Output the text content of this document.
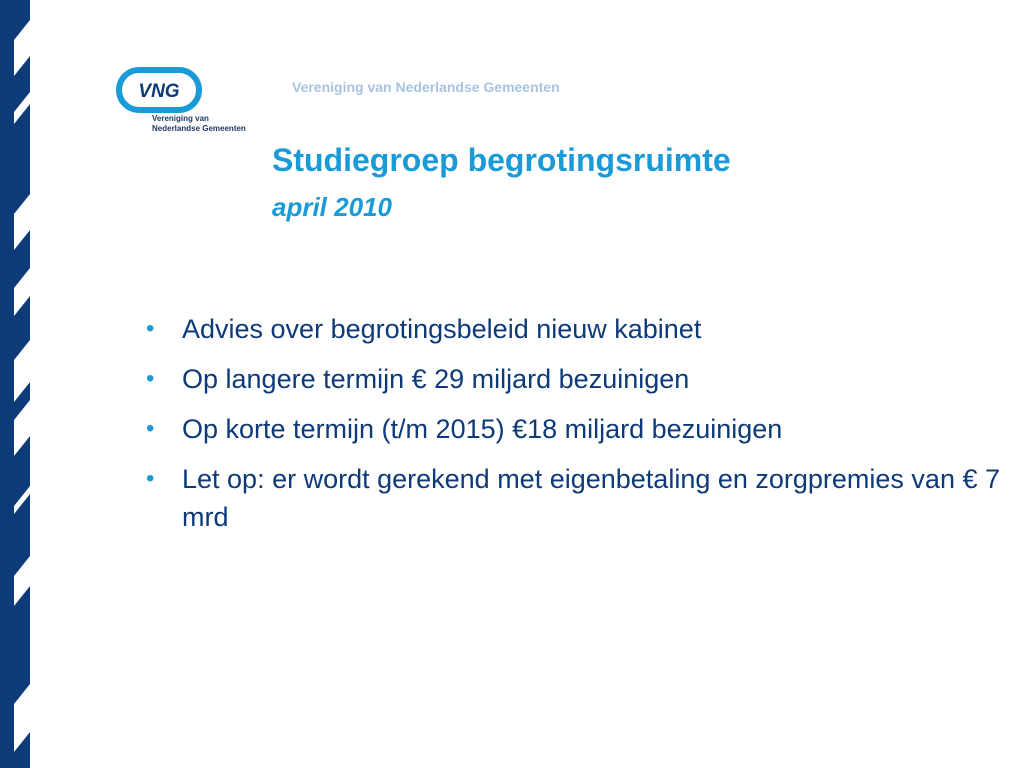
VNG
Vereniging van
Nederlandse Gemeenten
Vereniging van Nederlandse Gemeenten
Studiegroep begrotingsruimte
april 2010
• Advies over begrotingsbeleid nieuw kabinet
• Op langere termijn € 29 miljard bezuinigen
• Op korte termijn (t/m 2015) €18 miljard bezuinigen
• Let op: er wordt gerekend met eigenbetaling en zorgpremies van € 7 mrd
